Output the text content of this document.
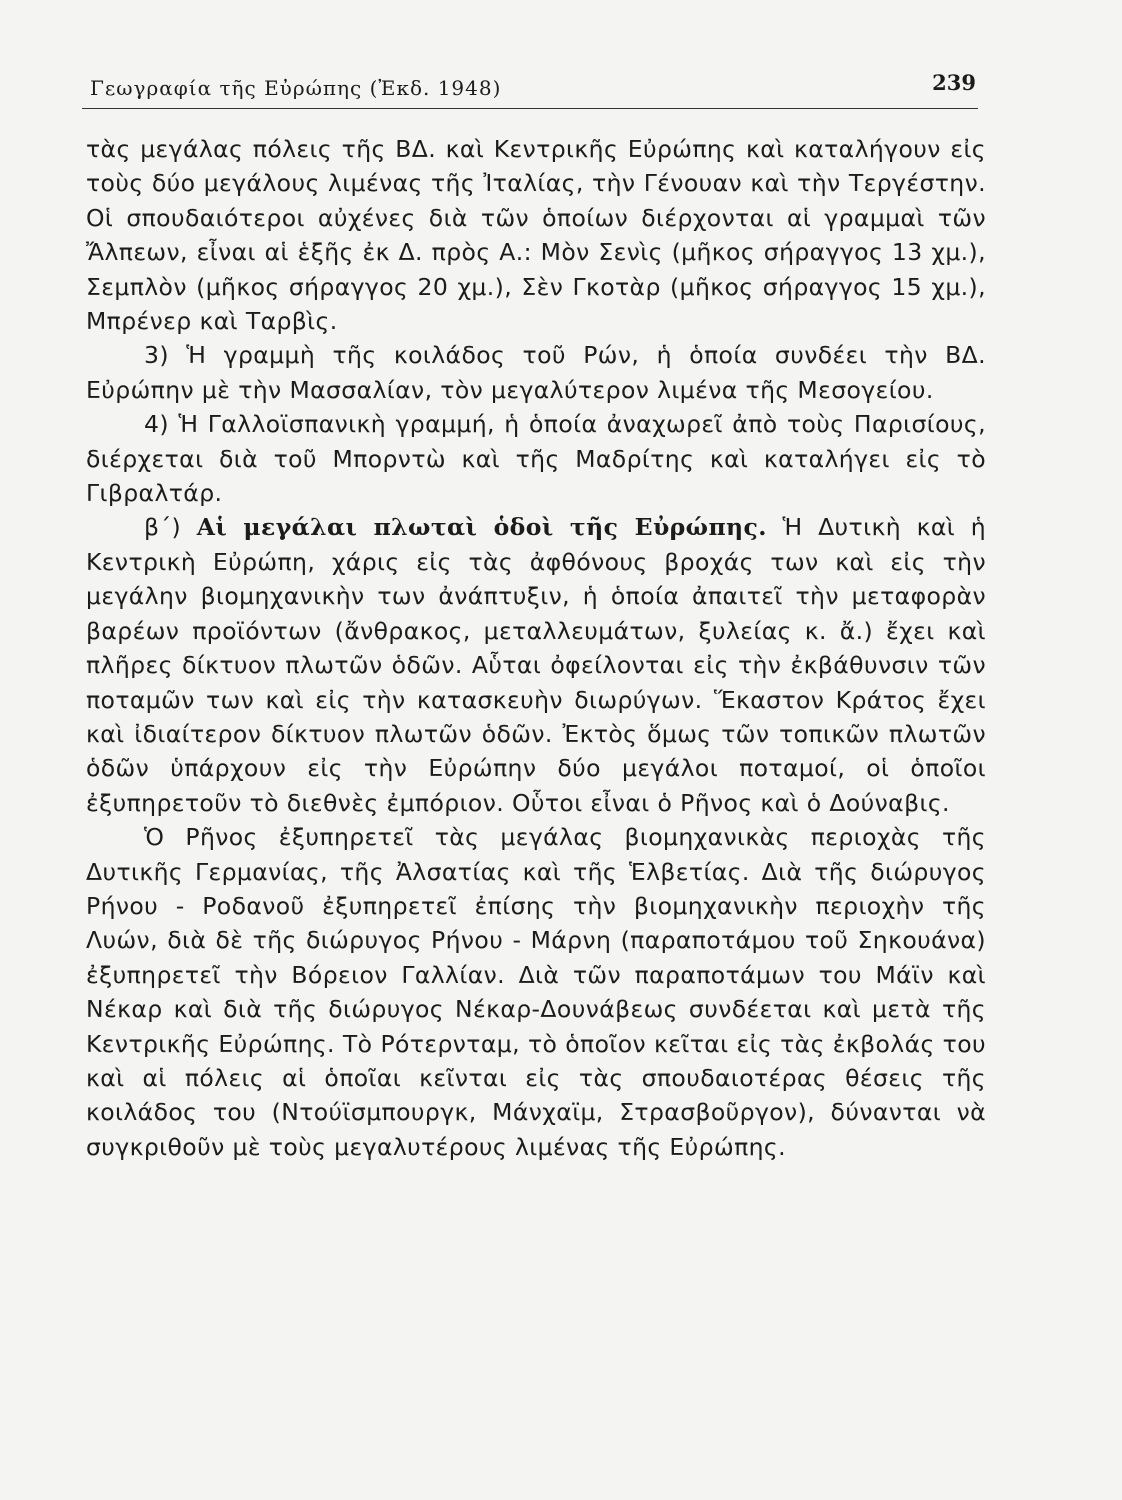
Γεωγραφία τῆς Εὐρώπης (Ἐκδ. 1948)	239

τὰς μεγάλας πόλεις τῆς ΒΔ. καὶ Κεντρικῆς Εὐρώπης καὶ καταλήγουν εἰς τοὺς δύο μεγάλους λιμένας τῆς Ἰταλίας, τὴν Γένουαν καὶ τὴν Τεργέστην. Οἱ σπουδαιότεροι αὐχένες διὰ τῶν ὁποίων διέρχονται αἱ γραμμαὶ τῶν Ἄλπεων, εἶναι αἱ ἑξῆς ἐκ Δ. πρὸς Α.: Μὸν Σενὶς (μῆκος σήραγγος 13 χμ.), Σεμπλὸν (μῆκος σήραγγος 20 χμ.), Σὲν Γκοτὰρ (μῆκος σήραγγος 15 χμ.), Μπρένερ καὶ Ταρβὶς.

3) Ἡ γραμμὴ τῆς κοιλάδος τοῦ Ρών, ἡ ὁποία συνδέει τὴν ΒΔ. Εὐρώπην μὲ τὴν Μασσαλίαν, τὸν μεγαλύτερον λιμένα τῆς Μεσογείου.

4) Ἡ Γαλλοϊσπανικὴ γραμμή, ἡ ὁποία ἀναχωρεῖ ἀπὸ τοὺς Παρισίους, διέρχεται διὰ τοῦ Μπορντὼ καὶ τῆς Μαδρίτης καὶ καταλήγει εἰς τὸ Γιβραλτάρ.

β΄) Αἱ μεγάλαι πλωταὶ ὁδοὶ τῆς Εὐρώπης. Ἡ Δυτικὴ καὶ ἡ Κεντρικὴ Εὐρώπη, χάρις εἰς τὰς ἀφθόνους βροχάς των καὶ εἰς τὴν μεγάλην βιομηχανικὴν των ἀνάπτυξιν, ἡ ὁποία ἀπαιτεῖ τὴν μεταφορὰν βαρέων προϊόντων (ἄνθρακος, μεταλλευμάτων, ξυλείας κ. ἄ.) ἔχει καὶ πλῆρες δίκτυον πλωτῶν ὁδῶν. Αὗται ὀφείλονται εἰς τὴν ἐκβάθυνσιν τῶν ποταμῶν των καὶ εἰς τὴν κατασκευὴν διωρύγων. Ἕκαστον Κράτος ἔχει καὶ ἰδιαίτερον δίκτυον πλωτῶν ὁδῶν. Ἐκτὸς ὅμως τῶν τοπικῶν πλωτῶν ὁδῶν ὑπάρχουν εἰς τὴν Εὐρώπην δύο μεγάλοι ποταμοί, οἱ ὁποῖοι ἐξυπηρετοῦν τὸ διεθνὲς ἐμπόριον. Οὗτοι εἶναι ὁ Ρῆνος καὶ ὁ Δούναβις.

Ὁ Ρῆνος ἐξυπηρετεῖ τὰς μεγάλας βιομηχανικὰς περιοχὰς τῆς Δυτικῆς Γερμανίας, τῆς Ἀλσατίας καὶ τῆς Ἑλβετίας. Διὰ τῆς διώρυγος Ρήνου - Ροδανοῦ ἐξυπηρετεῖ ἐπίσης τὴν βιομηχανικὴν περιοχὴν τῆς Λυών, διὰ δὲ τῆς διώρυγος Ρήνου - Μάρνη (παραποτάμου τοῦ Σηκουάνα) ἐξυπηρετεῖ τὴν Βόρειον Γαλλίαν. Διὰ τῶν παραποτάμων του Μάϊν καὶ Νέκαρ καὶ διὰ τῆς διώρυγος Νέκαρ-Δουνάβεως συνδέεται καὶ μετὰ τῆς Κεντρικῆς Εὐρώπης. Τὸ Ρότερνταμ, τὸ ὁποῖον κεῖται εἰς τὰς ἐκβολάς του καὶ αἱ πόλεις αἱ ὁποῖαι κεῖνται εἰς τὰς σπουδαιοτέρας θέσεις τῆς κοιλάδος του (Ντούϊσμπουργκ, Μάνχαϊμ, Στρασβοῦργον), δύνανται νὰ συγκριθοῦν μὲ τοὺς μεγαλυτέρους λιμένας τῆς Εὐρώπης.
